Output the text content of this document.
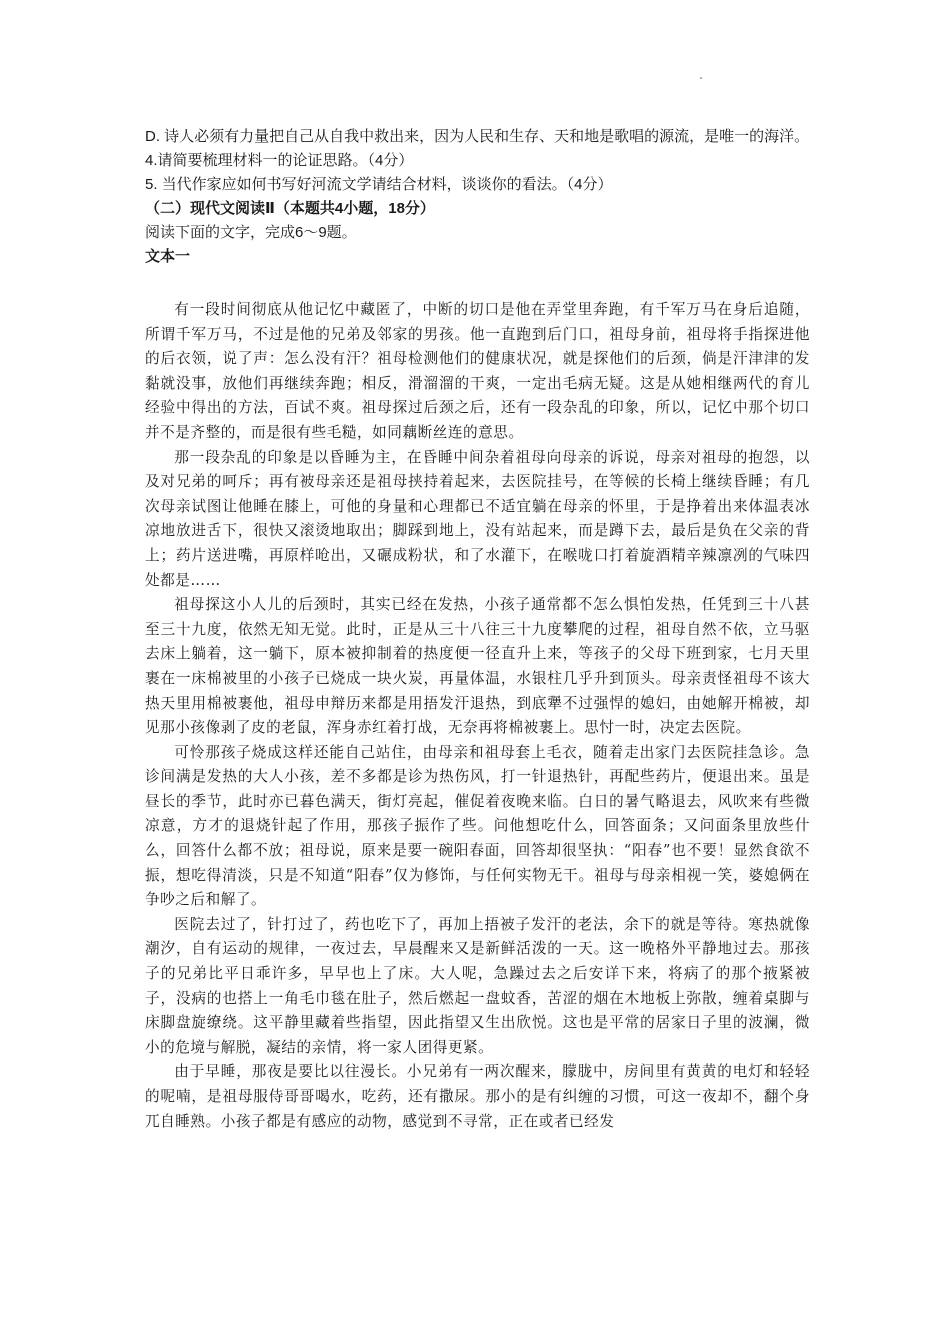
D. 诗人必须有力量把自己从自我中救出来，因为人民和生存、天和地是歌唱的源流，是唯一的海洋。

4.请简要梳理材料一的论证思路。（4分）

5. 当代作家应如何书写好河流文学请结合材料，谈谈你的看法。（4分）

（二）现代文阅读Ⅱ（本题共4小题，18分）

阅读下面的文字，完成6～9题。

文本一

有一段时间彻底从他记忆中藏匿了，中断的切口是他在弄堂里奔跑，有千军万马在身后追随，所谓千军万马，不过是他的兄弟及邻家的男孩。他一直跑到后门口，祖母身前，祖母将手指探进他的后衣领，说了声：怎么没有汗？祖母检测他们的健康状况，就是探他们的后颈，倘是汗津津的发黏就没事，放他们再继续奔跑；相反，滑溜溜的干爽，一定出毛病无疑。这是从她相继两代的育儿经验中得出的方法，百试不爽。祖母探过后颈之后，还有一段杂乱的印象，所以，记忆中那个切口并不是齐整的，而是很有些毛糙，如同藕断丝连的意思。

那一段杂乱的印象是以昏睡为主，在昏睡中间杂着祖母向母亲的诉说，母亲对祖母的抱怨，以及对兄弟的呵斥；再有被母亲还是祖母挟持着起来，去医院挂号，在等候的长椅上继续昏睡；有几次母亲试图让他睡在膝上，可他的身量和心理都已不适宜躺在母亲的怀里，于是挣着出来体温表冰凉地放进舌下，很快又滚烫地取出；脚踩到地上，没有站起来，而是蹲下去，最后是负在父亲的背上；药片送进嘴，再原样呛出，又碾成粉状，和了水灌下，在喉咙口打着旋酒精辛辣凛冽的气味四处都是……

祖母探这小人儿的后颈时，其实已经在发热，小孩子通常都不怎么惧怕发热，任凭到三十八甚至三十九度，依然无知无觉。此时，正是从三十八往三十九度攀爬的过程，祖母自然不依，立马驱去床上躺着，这一躺下，原本被抑制着的热度便一径直升上来，等孩子的父母下班到家，七月天里裹在一床棉被里的小孩子已烧成一块火炭，再量体温，水银柱几乎升到顶头。母亲责怪祖母不该大热天里用棉被裹他，祖母申辩历来都是用捂发汗退热，到底犟不过强悍的媳妇，由她解开棉被，却见那小孩像剥了皮的老鼠，浑身赤红着打战，无奈再将棉被裹上。思忖一时，决定去医院。

可怜那孩子烧成这样还能自己站住，由母亲和祖母套上毛衣，随着走出家门去医院挂急诊。急诊间满是发热的大人小孩，差不多都是诊为热伤风，打一针退热针，再配些药片，便退出来。虽是昼长的季节，此时亦已暮色满天，街灯亮起，催促着夜晚来临。白日的暑气略退去，风吹来有些微凉意，方才的退烧针起了作用，那孩子振作了些。问他想吃什么，回答面条；又问面条里放些什么，回答什么都不放；祖母说，原来是要一碗阳春面，回答却很坚执：“阳春”也不要！显然食欲不振，想吃得清淡，只是不知道“阳春”仅为修饰，与任何实物无干。祖母与母亲相视一笑，婆媳俩在争吵之后和解了。

医院去过了，针打过了，药也吃下了，再加上捂被子发汗的老法，余下的就是等待。寒热就像潮汐，自有运动的规律，一夜过去，早晨醒来又是新鲜活泼的一天。这一晚格外平静地过去。那孩子的兄弟比平日乖许多，早早也上了床。大人呢，急躁过去之后安详下来，将病了的那个掖紧被子，没病的也搭上一角毛巾毯在肚子，然后燃起一盘蚊香，苦涩的烟在木地板上弥散，缠着桌脚与床脚盘旋缭绕。这平静里藏着些指望，因此指望又生出欣悦。这也是平常的居家日子里的波澜，微小的危境与解脱，凝结的亲情，将一家人团得更紧。

由于早睡，那夜是要比以往漫长。小兄弟有一两次醒来，朦胧中，房间里有黄黄的电灯和轻轻的呢喃，是祖母服侍哥哥喝水，吃药，还有撒尿。那小的是有纠缠的习惯，可这一夜却不，翻个身兀自睡熟。小孩子都是有感应的动物，感觉到不寻常，正在或者已经发
